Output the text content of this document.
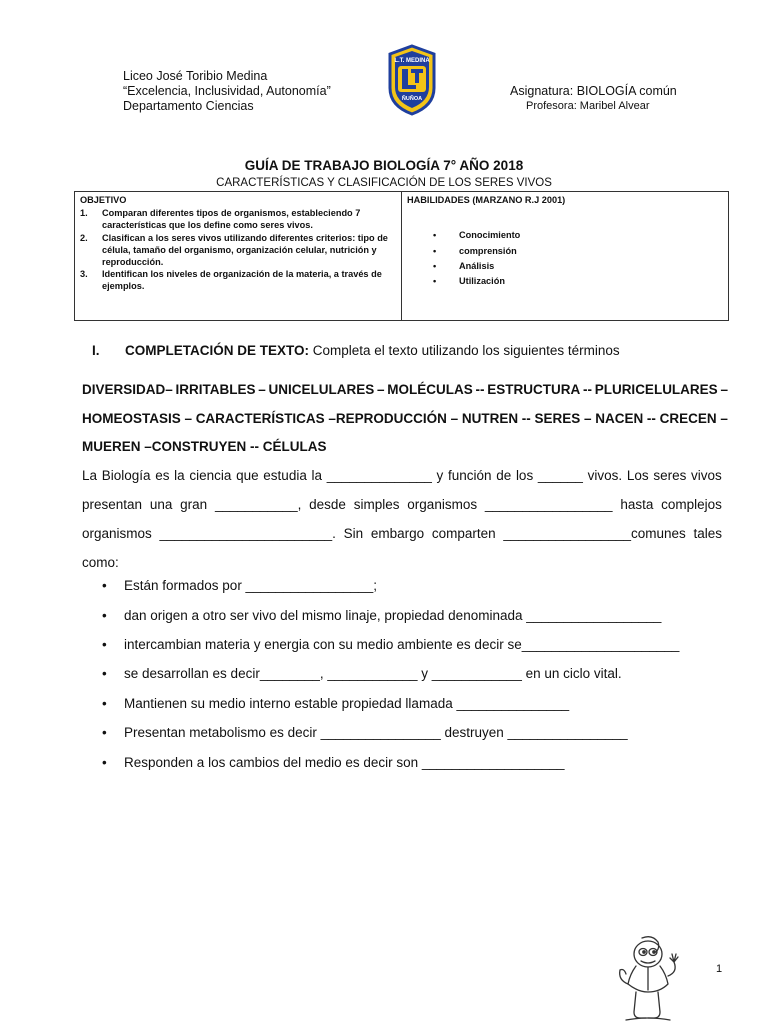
Liceo José Toribio Medina
“Excelencia, Inclusividad, Autonomía”
Departamento Ciencias
L.T. MEDINA
ÑUÑOA
Asignatura: BIOLOGÍA común
Profesora: Maribel Alvear
GUÍA DE TRABAJO BIOLOGÍA 7° AÑO 2018
CARACTERÍSTICAS Y CLASIFICACIÓN DE LOS SERES VIVOS
OBJETIVO
1. Comparan diferentes tipos de organismos, estableciendo 7 características que los define como seres vivos.
2. Clasifican a los seres vivos utilizando diferentes criterios: tipo de célula, tamaño del organismo, organización celular, nutrición y reproducción.
3. Identifican los niveles de organización de la materia, a través de ejemplos.
HABILIDADES (MARZANO R.J 2001)
• Conocimiento
• comprensión
• Análisis
• Utilización
I. COMPLETACIÓN DE TEXTO: Completa el texto utilizando los siguientes términos
DIVERSIDAD– IRRITABLES – UNICELULARES – MOLÉCULAS -- ESTRUCTURA -- PLURICELULARES –
HOMEOSTASIS – CARACTERÍSTICAS –REPRODUCCIÓN – NUTREN -- SERES – NACEN -- CRECEN –
MUEREN –CONSTRUYEN -- CÉLULAS
La Biología es la ciencia que estudia la ______________ y función de los ______ vivos. Los seres vivos
presentan una gran ___________, desde simples organismos _________________ hasta complejos
organismos _______________________. Sin embargo comparten _________________comunes tales
como:
• Están formados por _________________;
• dan origen a otro ser vivo del mismo linaje, propiedad denominada __________________
• intercambian materia y energia con su medio ambiente es decir se_____________________
• se desarrollan es decir________, ____________ y ____________ en un ciclo vital.
• Mantienen su medio interno estable propiedad llamada _______________
• Presentan metabolismo es decir ________________ destruyen ________________
• Responden a los cambios del medio es decir son ___________________
1
